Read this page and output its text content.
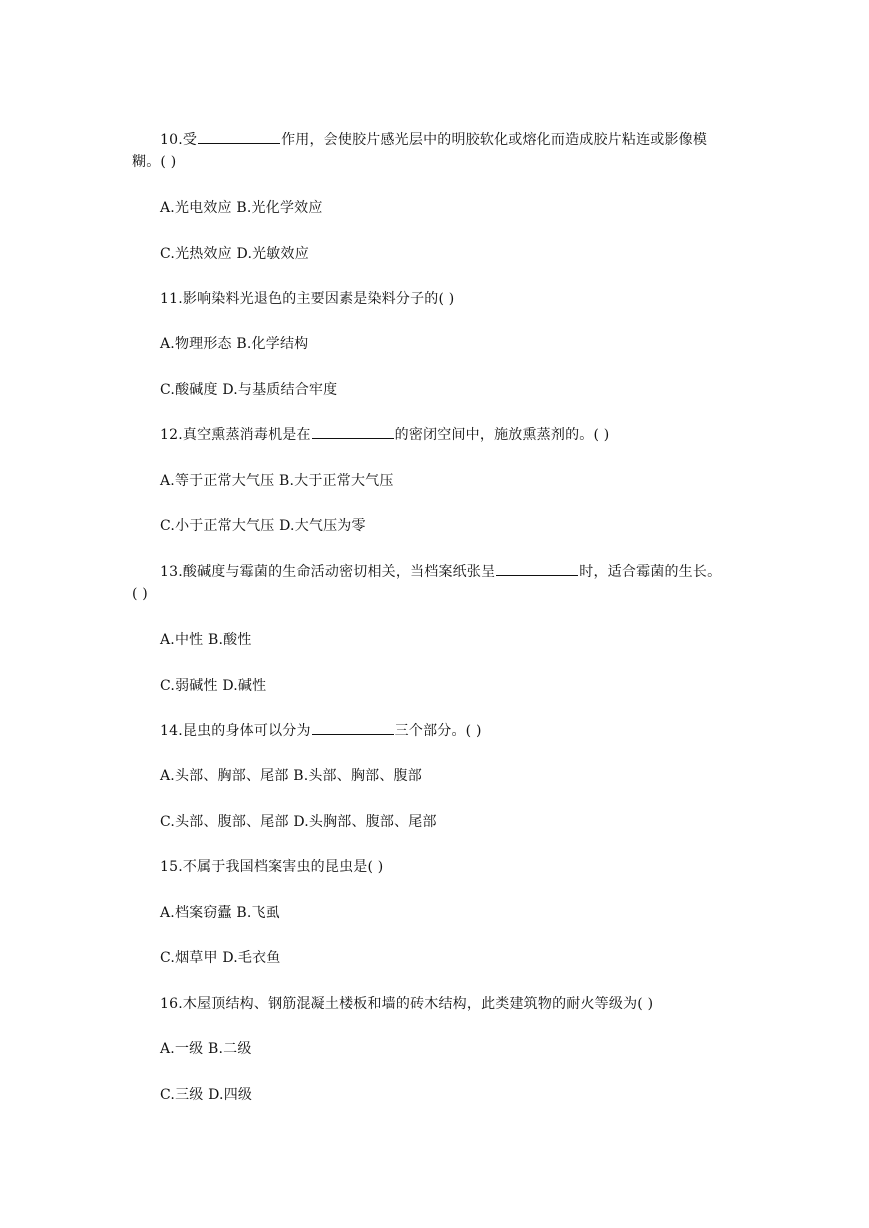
10.受	作用，会使胶片感光层中的明胶软化或熔化而造成胶片粘连或影像模
糊。( )
A.光电效应 B.光化学效应
C.光热效应 D.光敏效应
11.影响染料光退色的主要因素是染料分子的( )
A.物理形态 B.化学结构
C.酸碱度 D.与基质结合牢度
12.真空熏蒸消毒机是在	的密闭空间中，施放熏蒸剂的。( )
A.等于正常大气压 B.大于正常大气压
C.小于正常大气压 D.大气压为零
13.酸碱度与霉菌的生命活动密切相关，当档案纸张呈	时，适合霉菌的生长。
( )
A.中性 B.酸性
C.弱碱性 D.碱性
14.昆虫的身体可以分为	三个部分。( )
A.头部、胸部、尾部 B.头部、胸部、腹部
C.头部、腹部、尾部 D.头胸部、腹部、尾部
15.不属于我国档案害虫的昆虫是( )
A.档案窃蠹 B.飞虱
C.烟草甲 D.毛衣鱼
16.木屋顶结构、钢筋混凝土楼板和墙的砖木结构，此类建筑物的耐火等级为( )
A.一级 B.二级
C.三级 D.四级
